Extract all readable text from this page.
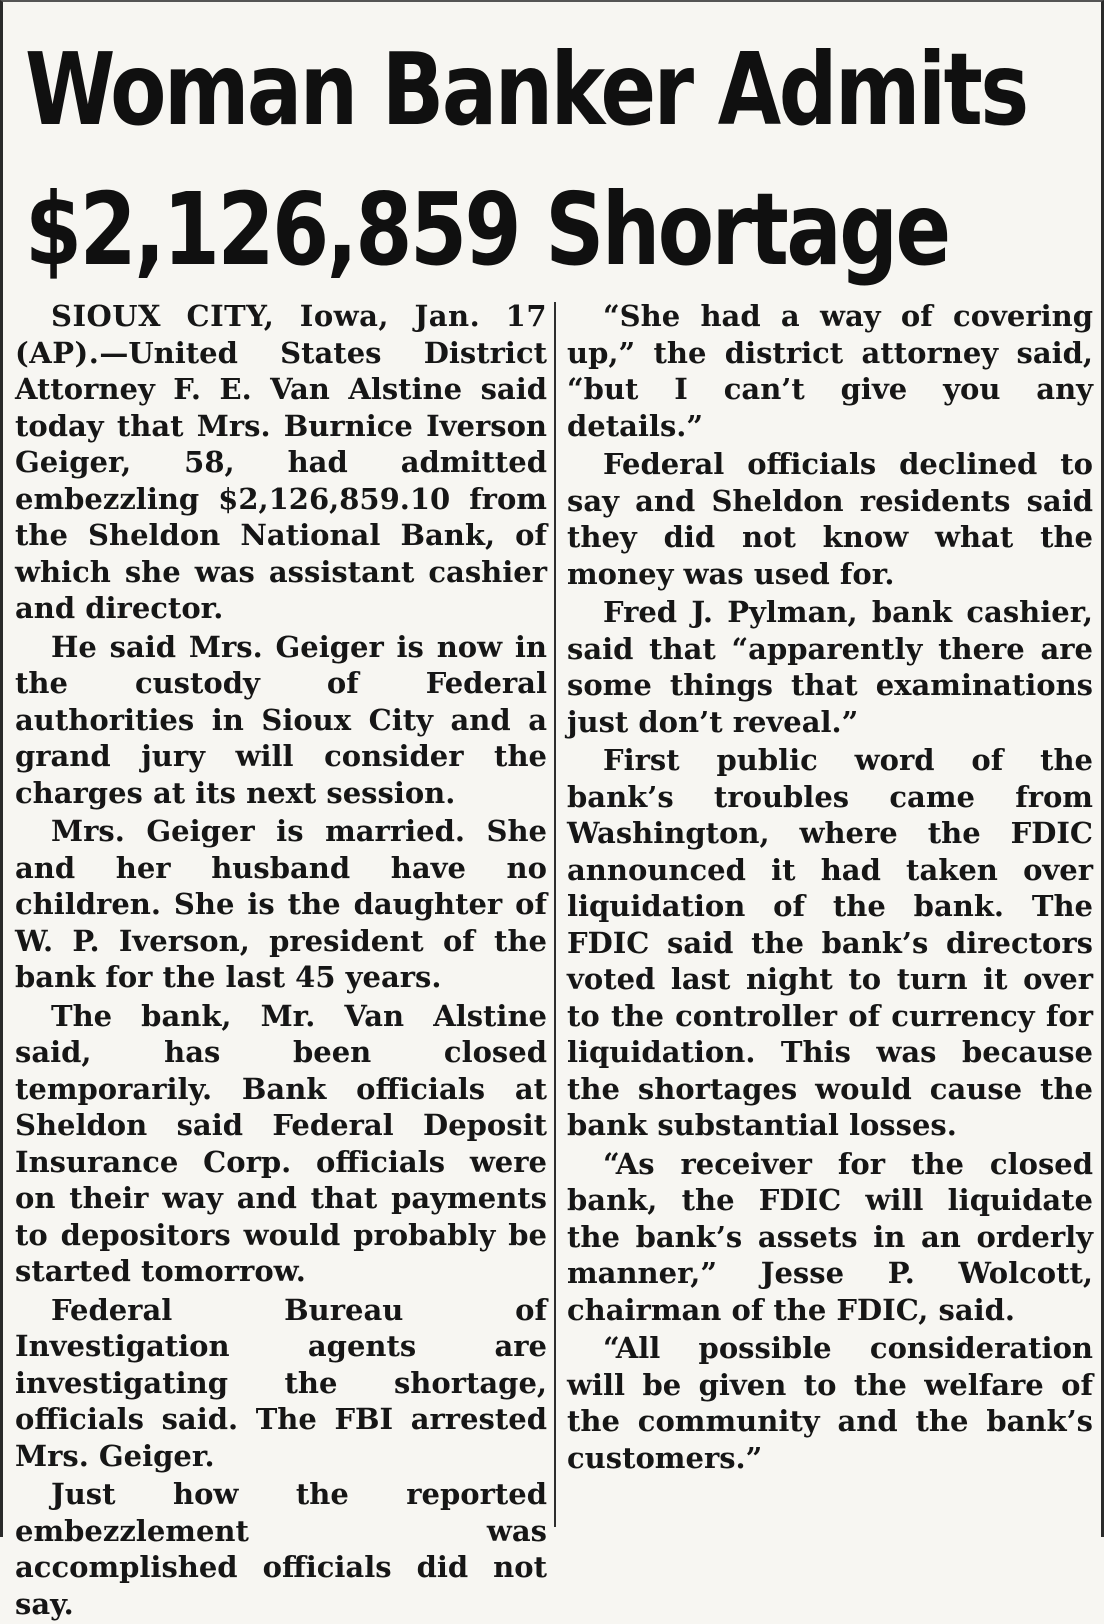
Woman Banker Admits
$2,126,859 Shortage

SIOUX CITY, Iowa, Jan. 17 (AP).—United States District Attorney F. E. Van Alstine said today that Mrs. Burnice Iverson Geiger, 58, had admitted embezzling $2,126,859.10 from the Sheldon National Bank, of which she was assistant cashier and director.

He said Mrs. Geiger is now in the custody of Federal authorities in Sioux City and a grand jury will consider the charges at its next session.

Mrs. Geiger is married. She and her husband have no children. She is the daughter of W. P. Iverson, president of the bank for the last 45 years.

The bank, Mr. Van Alstine said, has been closed temporarily. Bank officials at Sheldon said Federal Deposit Insurance Corp. officials were on their way and that payments to depositors would probably be started tomorrow.

Federal Bureau of Investigation agents are investigating the shortage, officials said. The FBI arrested Mrs. Geiger.

Just how the reported embezzlement was accomplished officials did not say.

“She had a way of covering up,” the district attorney said, “but I can’t give you any details.”

Federal officials declined to say and Sheldon residents said they did not know what the money was used for.

Fred J. Pylman, bank cashier, said that “apparently there are some things that examinations just don’t reveal.”

First public word of the bank’s troubles came from Washington, where the FDIC announced it had taken over liquidation of the bank. The FDIC said the bank’s directors voted last night to turn it over to the controller of currency for liquidation. This was because the shortages would cause the bank substantial losses.

“As receiver for the closed bank, the FDIC will liquidate the bank’s assets in an orderly manner,” Jesse P. Wolcott, chairman of the FDIC, said.

“All possible consideration will be given to the welfare of the community and the bank’s customers.”
